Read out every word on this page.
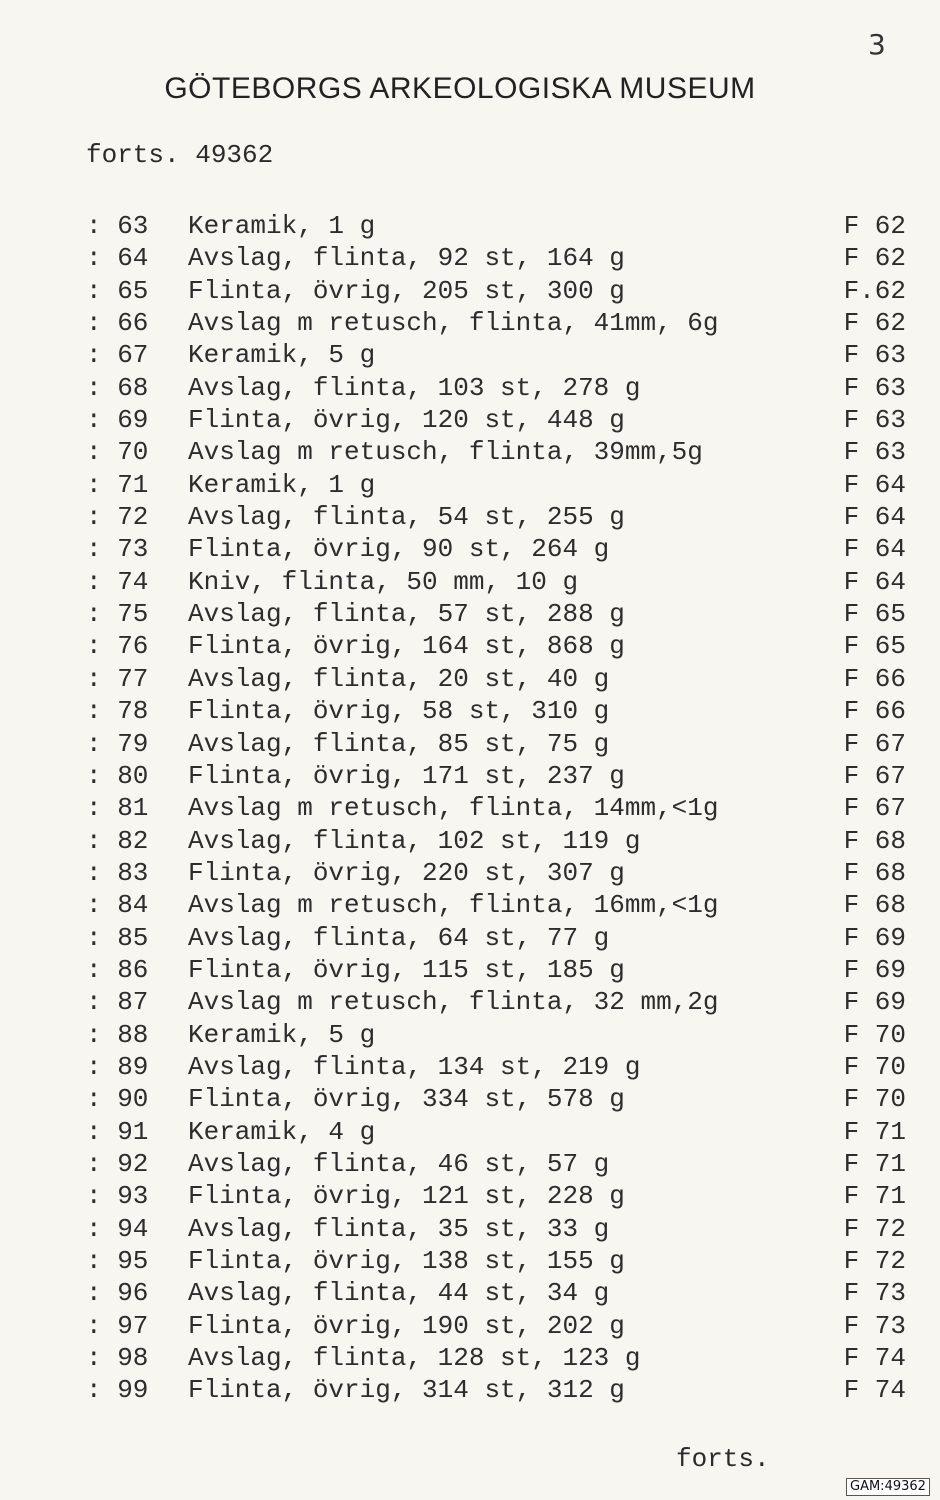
3
GÖTEBORGS ARKEOLOGISKA MUSEUM
forts. 49362
: 63 Keramik, 1 g	F 62
: 64 Avslag, flinta, 92 st, 164 g	F 62
: 65 Flinta, övrig, 205 st, 300 g	F.62
: 66 Avslag m retusch, flinta, 41mm, 6g	F 62
: 67 Keramik, 5 g	F 63
: 68 Avslag, flinta, 103 st, 278 g	F 63
: 69 Flinta, övrig, 120 st, 448 g	F 63
: 70 Avslag m retusch, flinta, 39mm,5g	F 63
: 71 Keramik, 1 g	F 64
: 72 Avslag, flinta, 54 st, 255 g	F 64
: 73 Flinta, övrig, 90 st, 264 g	F 64
: 74 Kniv, flinta, 50 mm, 10 g	F 64
: 75 Avslag, flinta, 57 st, 288 g	F 65
: 76 Flinta, övrig, 164 st, 868 g	F 65
: 77 Avslag, flinta, 20 st, 40 g	F 66
: 78 Flinta, övrig, 58 st, 310 g	F 66
: 79 Avslag, flinta, 85 st, 75 g	F 67
: 80 Flinta, övrig, 171 st, 237 g	F 67
: 81 Avslag m retusch, flinta, 14mm,<1g	F 67
: 82 Avslag, flinta, 102 st, 119 g	F 68
: 83 Flinta, övrig, 220 st, 307 g	F 68
: 84 Avslag m retusch, flinta, 16mm,<1g	F 68
: 85 Avslag, flinta, 64 st, 77 g	F 69
: 86 Flinta, övrig, 115 st, 185 g	F 69
: 87 Avslag m retusch, flinta, 32 mm,2g	F 69
: 88 Keramik, 5 g	F 70
: 89 Avslag, flinta, 134 st, 219 g	F 70
: 90 Flinta, övrig, 334 st, 578 g	F 70
: 91 Keramik, 4 g	F 71
: 92 Avslag, flinta, 46 st, 57 g	F 71
: 93 Flinta, övrig, 121 st, 228 g	F 71
: 94 Avslag, flinta, 35 st, 33 g	F 72
: 95 Flinta, övrig, 138 st, 155 g	F 72
: 96 Avslag, flinta, 44 st, 34 g	F 73
: 97 Flinta, övrig, 190 st, 202 g	F 73
: 98 Avslag, flinta, 128 st, 123 g	F 74
: 99 Flinta, övrig, 314 st, 312 g	F 74
forts.
GAM:49362
